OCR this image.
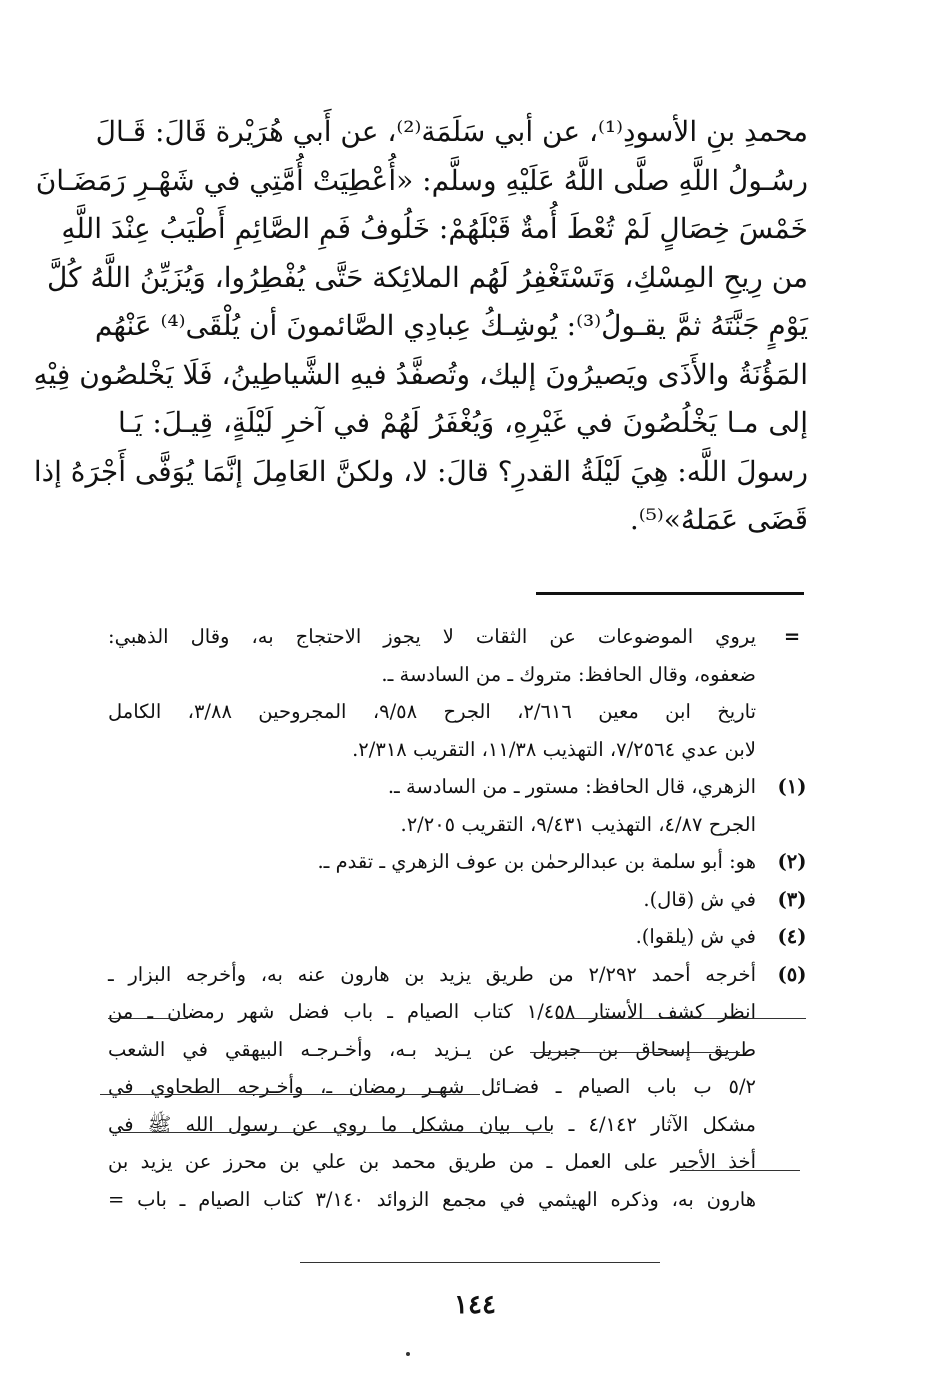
محمدِ بنِ الأسودِ⁽¹⁾، عن أبي سَلَمَة⁽²⁾، عن أَبي هُرَيْرة قَالَ: قَـالَ
رسُـولُ اللَّهِ صلَّى اللَّهُ عَلَيْهِ وسلَّم: «أُعْطِيَتْ أُمَّتِي في شَهْـرِ رَمَضَـانَ
خَمْسَ خِصَالٍ لَمْ تُعْطَ أُمةٌ قَبْلَهُمْ: خَلُوفُ فَمِ الصَّائِمِ أَطْيَبُ عِنْدَ اللَّهِ
من رِيحِ المِسْكِ، وَتَسْتَغْفِرُ لَهُم الملائِكة حَتَّى يُفْطِرُوا، وَيُزَيِّنُ اللَّهُ كُلَّ
يَوْمٍ جَنَّتَهُ ثمَّ يقـولُ⁽³⁾: يُوشِـكُ عِبادِي الصَّائمونَ أن يُلْقَى⁽⁴⁾ عَنْهُم
المَؤُنَةُ والأَذَى ويَصيرُونَ إليك، وتُصفَّدُ فيهِ الشَّياطِينُ، فَلَا يَخْلصُون فِيْهِ
إلى مـا يَخْلُصُونَ في غَيْرِهِ، وَيُغْفَرُ لَهُمْ في آخرِ لَيْلَةٍ، قِيـلَ: يَـا
رسولَ اللَّه: هِيَ لَيْلَةُ القدرِ؟ قالَ: لا، ولكنَّ العَامِلَ إنَّمَا يُوَفَّى أَجْرَهُ إذا
قَضَى عَمَلهُ»⁽⁵⁾.
=
يروي الموضوعات عن الثقات لا يجوز الاحتجاج به، وقال الذهبي:
ضعفوه، وقال الحافظ: متروك ـ من السادسة ـ.
تاريخ ابن معين ٢/٦١٦، الجرح ٩/٥٨، المجروحين ٣/٨٨، الكامل
لابن عدي ٧/٢٥٦٤، التهذيب ١١/٣٨، التقريب ٢/٣١٨.
(١)
الزهري، قال الحافظ: مستور ـ من السادسة ـ.
الجرح ٤/٨٧، التهذيب ٩/٤٣١، التقريب ٢/٢٠٥.
(٢)
هو: أبو سلمة بن عبدالرحمٰن بن عوف الزهري ـ تقدم ـ.
(٣)
في ش (قال).
(٤)
في ش (يلقوا).
(٥)
أخرجه أحمد ٢/٢٩٢ من طريق يزيد بن هارون عنه به، وأخرجه البزار ـ
انظر كشف الأستار ١/٤٥٨ كتاب الصيام ـ باب فضل شهر رمضان ـ من
طريق إسحاق بن جبريل عن يـزيد بـه، وأخـرجـه البيهقي في الشعب
٥/٢ ب باب الصيام ـ فضـائل شهـر رمضان ـ، وأخـرجه الطحاوي في
مشكل الآثار ٤/١٤٢ ـ باب بيان مشكل ما روي عن رسول الله ﷺ في
أخذ الأجير على العمل ـ من طريق محمد بن علي بن محرز عن يزيد بن
هارون به، وذكره الهيثمي في مجمع الزوائد ٣/١٤٠ كتاب الصيام ـ باب =
١٤٤
